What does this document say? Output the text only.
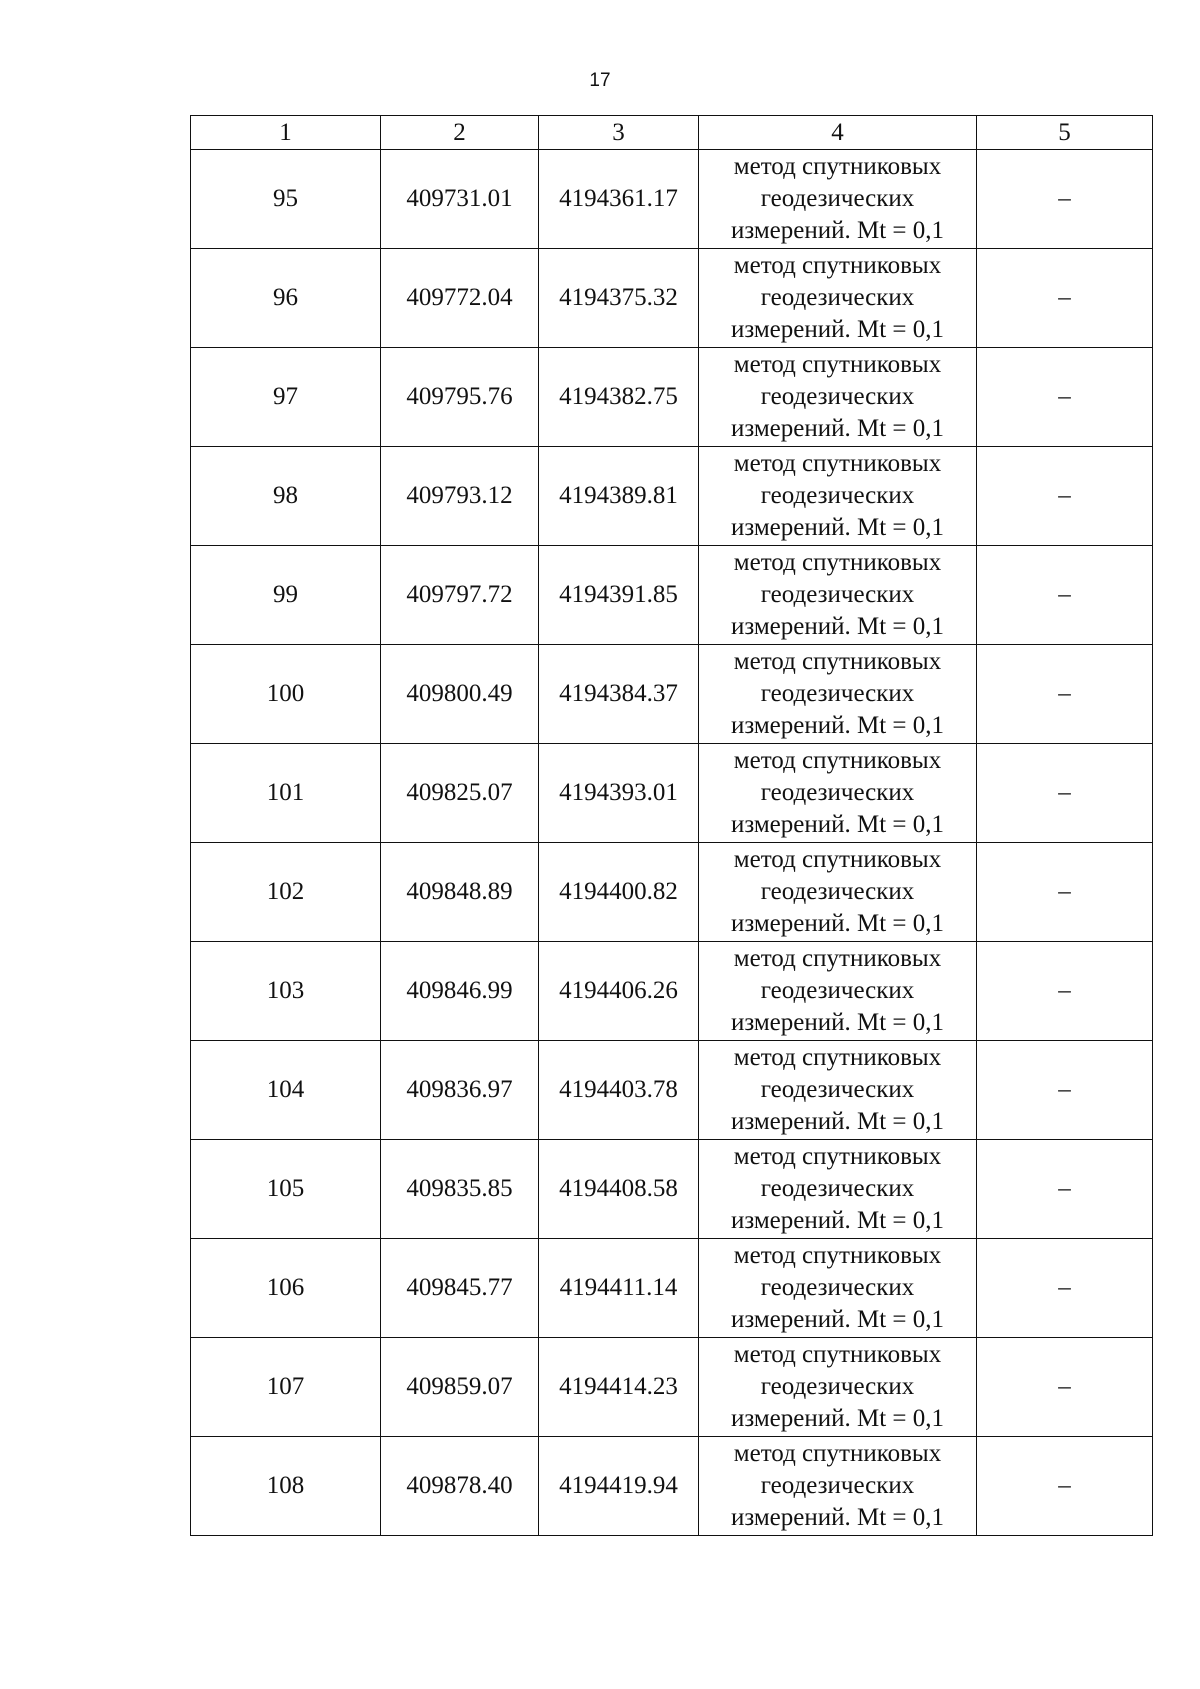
17
1	2	3	4	5
95	409731.01	4194361.17	метод спутниковых
геодезических
измерений. Mt = 0,1	–
96	409772.04	4194375.32	метод спутниковых
геодезических
измерений. Mt = 0,1	–
97	409795.76	4194382.75	метод спутниковых
геодезических
измерений. Mt = 0,1	–
98	409793.12	4194389.81	метод спутниковых
геодезических
измерений. Mt = 0,1	–
99	409797.72	4194391.85	метод спутниковых
геодезических
измерений. Mt = 0,1	–
100	409800.49	4194384.37	метод спутниковых
геодезических
измерений. Mt = 0,1	–
101	409825.07	4194393.01	метод спутниковых
геодезических
измерений. Mt = 0,1	–
102	409848.89	4194400.82	метод спутниковых
геодезических
измерений. Mt = 0,1	–
103	409846.99	4194406.26	метод спутниковых
геодезических
измерений. Mt = 0,1	–
104	409836.97	4194403.78	метод спутниковых
геодезических
измерений. Mt = 0,1	–
105	409835.85	4194408.58	метод спутниковых
геодезических
измерений. Mt = 0,1	–
106	409845.77	4194411.14	метод спутниковых
геодезических
измерений. Mt = 0,1	–
107	409859.07	4194414.23	метод спутниковых
геодезических
измерений. Mt = 0,1	–
108	409878.40	4194419.94	метод спутниковых
геодезических
измерений. Mt = 0,1	–
